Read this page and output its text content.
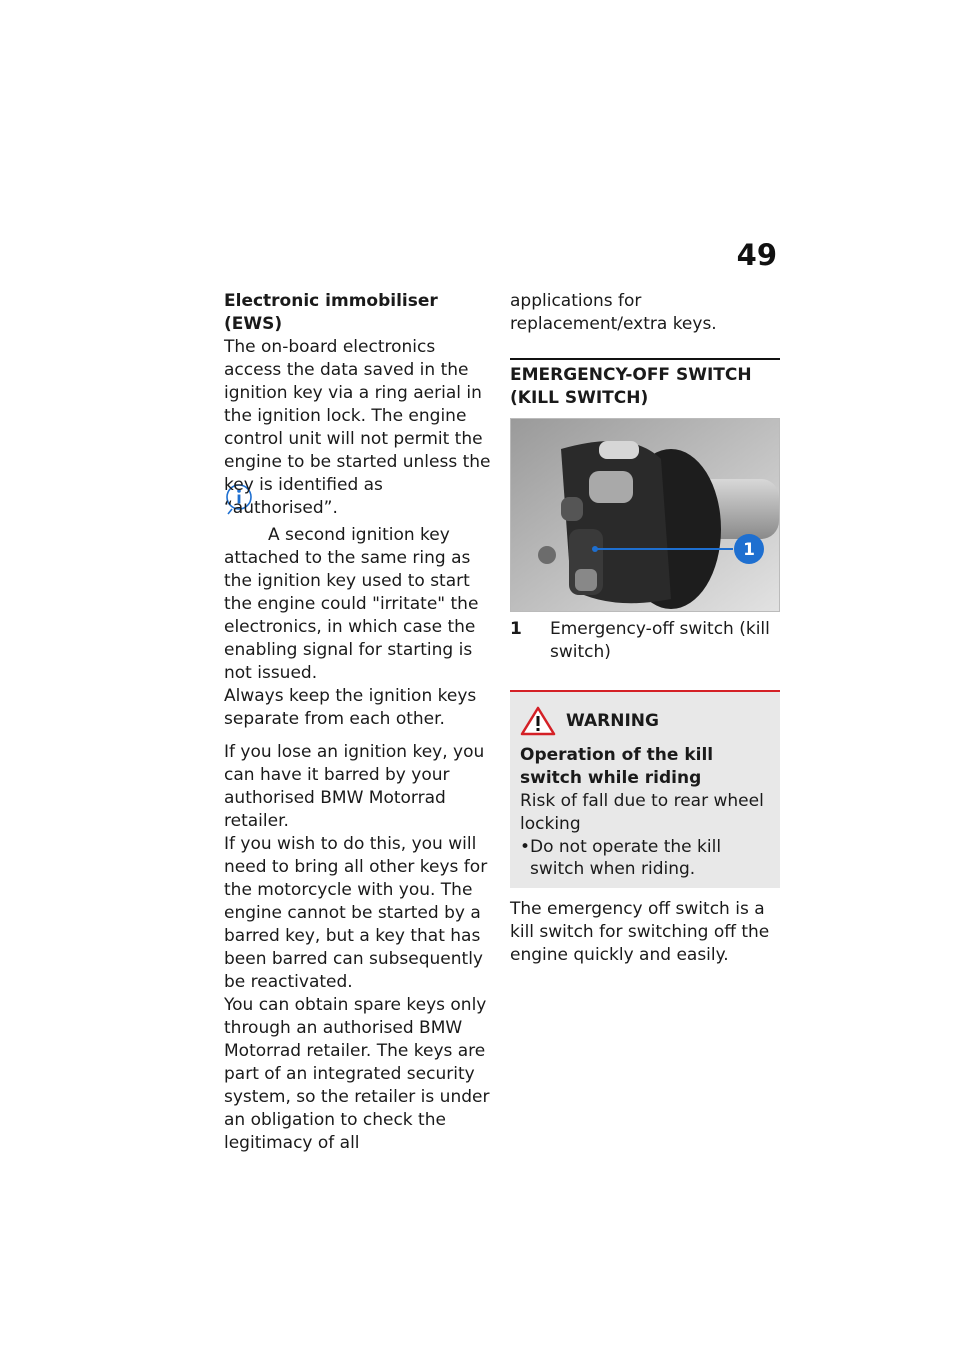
49

Electronic immobiliser (EWS)

The on-board electronics access the data saved in the ignition key via a ring aerial in the ignition lock. The engine control unit will not permit the engine to be started unless the key is identified as “authorised”.

A second ignition key attached to the same ring as the ignition key used to start the engine could "irritate" the electronics, in which case the enabling signal for starting is not issued.

Always keep the ignition keys separate from each other.

If you lose an ignition key, you can have it barred by your authorised BMW Motorrad retailer.

If you wish to do this, you will need to bring all other keys for the motorcycle with you. The engine cannot be started by a barred key, but a key that has been barred can subsequently be reactivated.

You can obtain spare keys only through an authorised BMW Motorrad retailer. The keys are part of an integrated security system, so the retailer is under an obligation to check the legitimacy of all

applications for replacement/extra keys.

EMERGENCY-OFF SWITCH (KILL SWITCH)

1
1	Emergency-off switch (kill switch)
WARNING

Operation of the kill switch while riding

Risk of fall due to rear wheel locking

• Do not operate the kill switch when riding.

The emergency off switch is a kill switch for switching off the engine quickly and easily.
